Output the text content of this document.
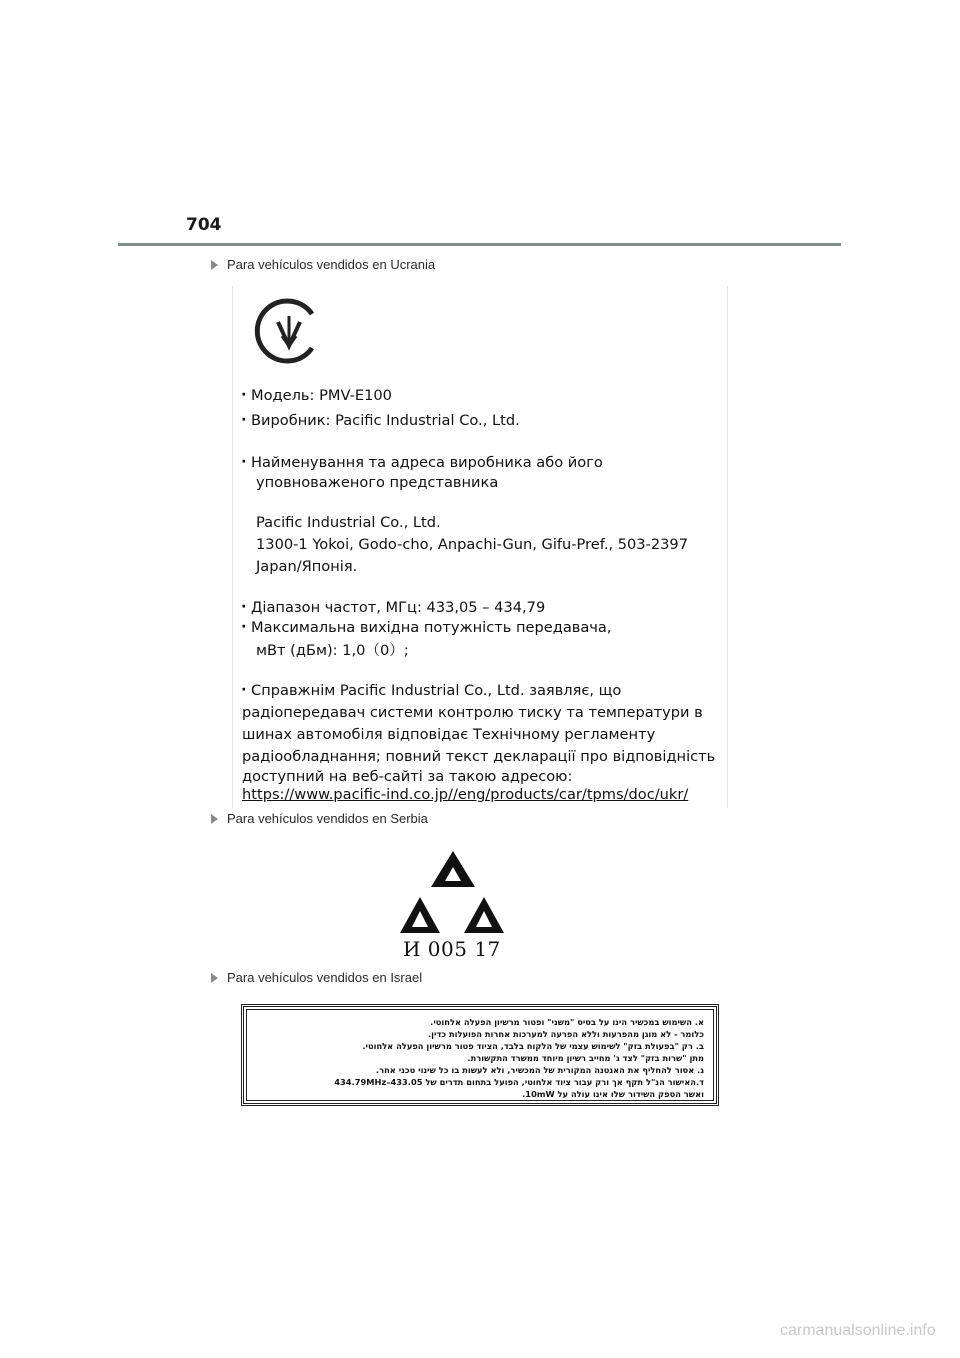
704
Para vehículos vendidos en Ucrania
· Модель: PMV-E100
· Виробник: Pacific Industrial Co., Ltd.
· Найменування та адреса виробника або його
уповноваженого представника
Pacific Industrial Co., Ltd.
1300-1 Yokoi, Godo-cho, Anpachi-Gun, Gifu-Pref., 503-2397
Japan/Японія.
· Діапазон частот, МГц: 433,05 – 434,79
· Максимальна вихідна потужність передавача,
мВт (дБм): 1,0（0）;
· Справжнім Pacific Industrial Co., Ltd. заявляє, що
радіопередавач системи контролю тиску та температури в
шинах автомобіля відповідає Технічному регламенту
радіообладнання; повний текст декларації про відповідність
доступний на веб-сайті за такою адресою:
https://www.pacific-ind.co.jp//eng/products/car/tpms/doc/ukr/
Para vehículos vendidos en Serbia
И 005 17
Para vehículos vendidos en Israel
א. השימוש במכשיר הינו על בסיס "משני" ופטור מרשיון הפעלה אלחוטי.
כלומר - לא מוגן מהפרעות וללא הפרעה למערכות אחרות הפועלות כדין.
ב. רק "בפעולת בזק" לשימוש עצמי של הלקוח בלבד, הציוד פטור מרשיון הפעלה אלחוטי.
מתן "שרות בזק" לצד ג' מחייב רשיון מיוחד ממשרד התקשורת.
ג. אסור להחליף את האנטנה המקורית של המכשיר, ולא לעשות בו כל שינוי טכני אחר.
ד.האישור הנ"ל תקף אך ורק עבור ציוד אלחוטי, הפועל בתחום תדרים של 433.05–434.79MHz
ואשר הספק השידור שלו אינו עולה על 10mW.
carmanualsonline.info
